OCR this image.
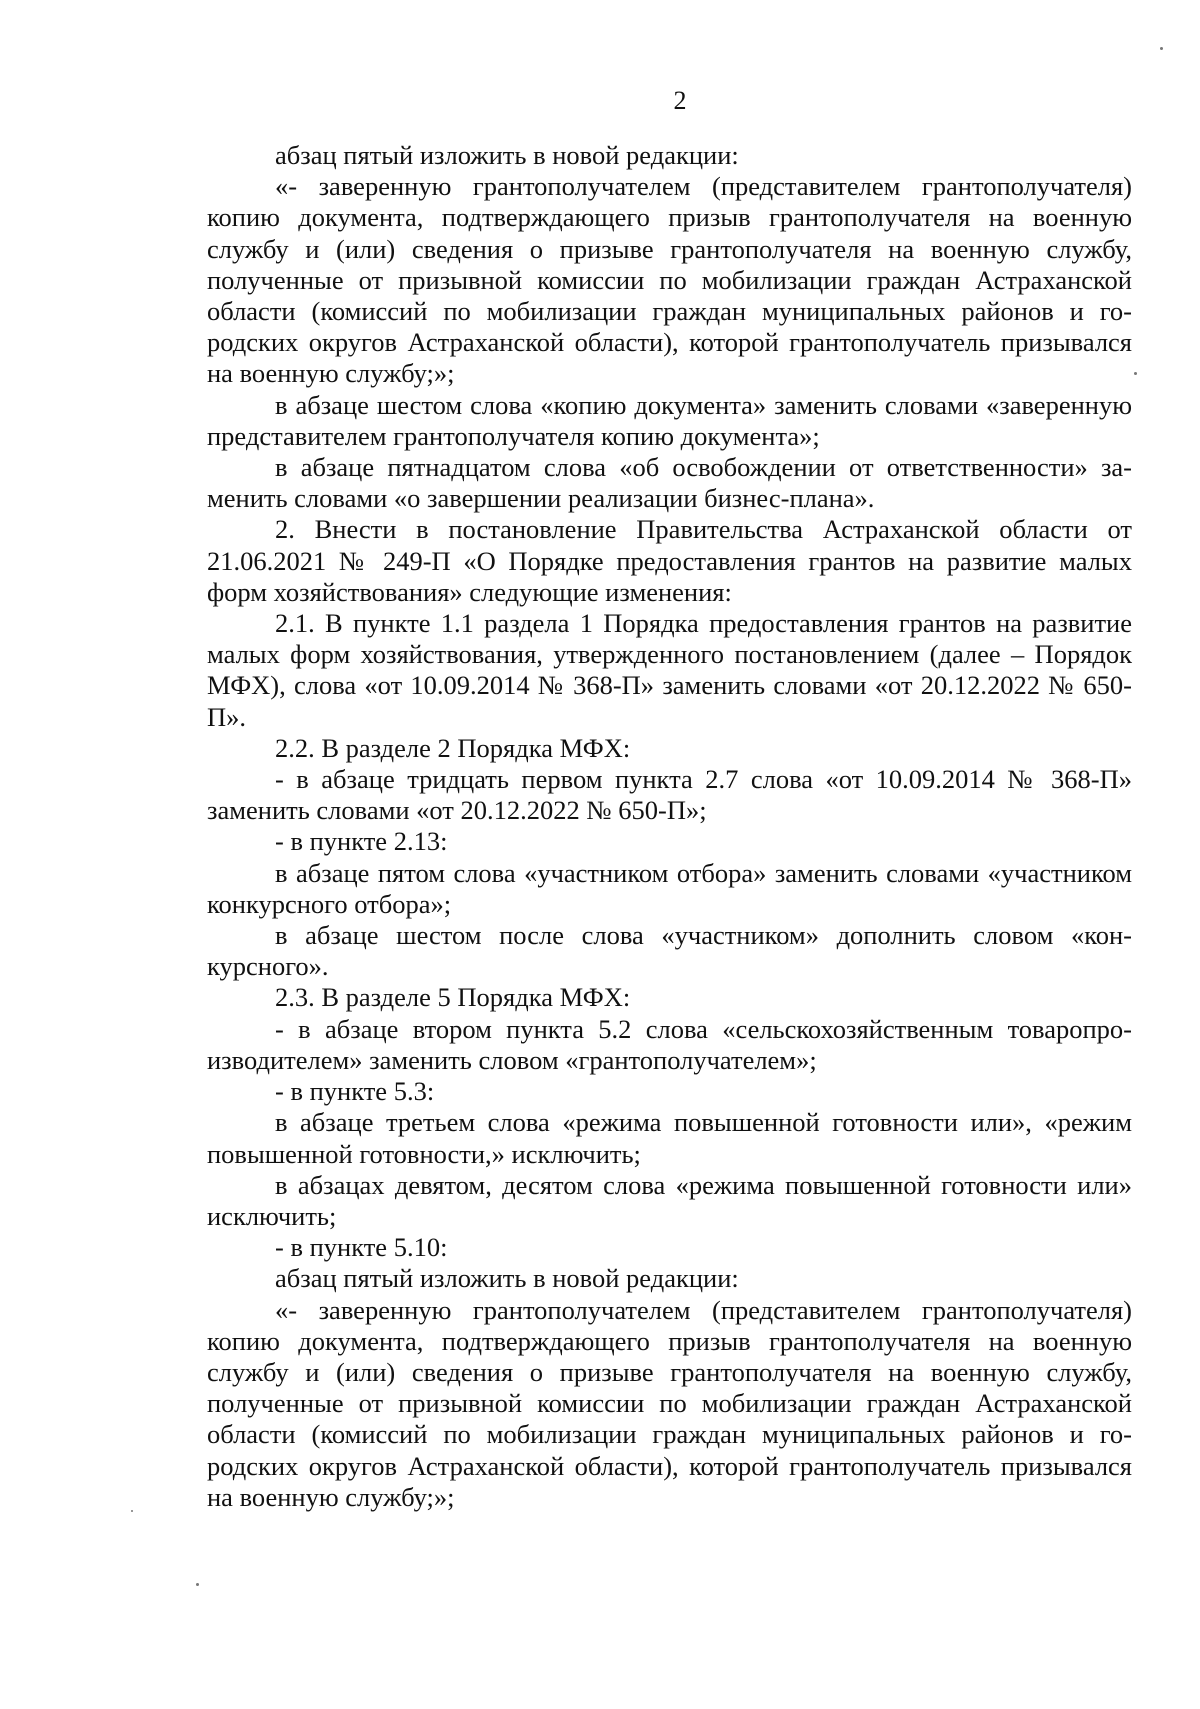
2

абзац пятый изложить в новой редакции:

«- заверенную грантополучателем (представителем грантополучателя) копию документа, подтверждающего призыв грантополучателя на военную службу и (или) сведения о призыве грантополучателя на военную службу, полученные от призывной комиссии по мобилизации граждан Астраханской области (комиссий по мобилизации граждан муниципальных районов и городских округов Астраханской области), которой грантополучатель призывался на военную службу;»;

в абзаце шестом слова «копию документа» заменить словами «заверенную представителем грантополучателя копию документа»;

в абзаце пятнадцатом слова «об освобождении от ответственности» заменить словами «о завершении реализации бизнес-плана».

2. Внести в постановление Правительства Астраханской области от 21.06.2021 № 249-П «О Порядке предоставления грантов на развитие малых форм хозяйствования» следующие изменения:

2.1. В пункте 1.1 раздела 1 Порядка предоставления грантов на развитие малых форм хозяйствования, утвержденного постановлением (далее – Порядок МФХ), слова «от 10.09.2014 № 368-П» заменить словами «от 20.12.2022 № 650-П».

2.2. В разделе 2 Порядка МФХ:

- в абзаце тридцать первом пункта 2.7 слова «от 10.09.2014 № 368-П» заменить словами «от 20.12.2022 № 650-П»;

- в пункте 2.13:

в абзаце пятом слова «участником отбора» заменить словами «участником конкурсного отбора»;

в абзаце шестом после слова «участником» дополнить словом «конкурсного».

2.3. В разделе 5 Порядка МФХ:

- в абзаце втором пункта 5.2 слова «сельскохозяйственным товаропроизводителем» заменить словом «грантополучателем»;

- в пункте 5.3:

в абзаце третьем слова «режима повышенной готовности или», «режим повышенной готовности,» исключить;

в абзацах девятом, десятом слова «режима повышенной готовности или» исключить;

- в пункте 5.10:

абзац пятый изложить в новой редакции:

«- заверенную грантополучателем (представителем грантополучателя) копию документа, подтверждающего призыв грантополучателя на военную службу и (или) сведения о призыве грантополучателя на военную службу, полученные от призывной комиссии по мобилизации граждан Астраханской области (комиссий по мобилизации граждан муниципальных районов и городских округов Астраханской области), которой грантополучатель призывался на военную службу;»;
